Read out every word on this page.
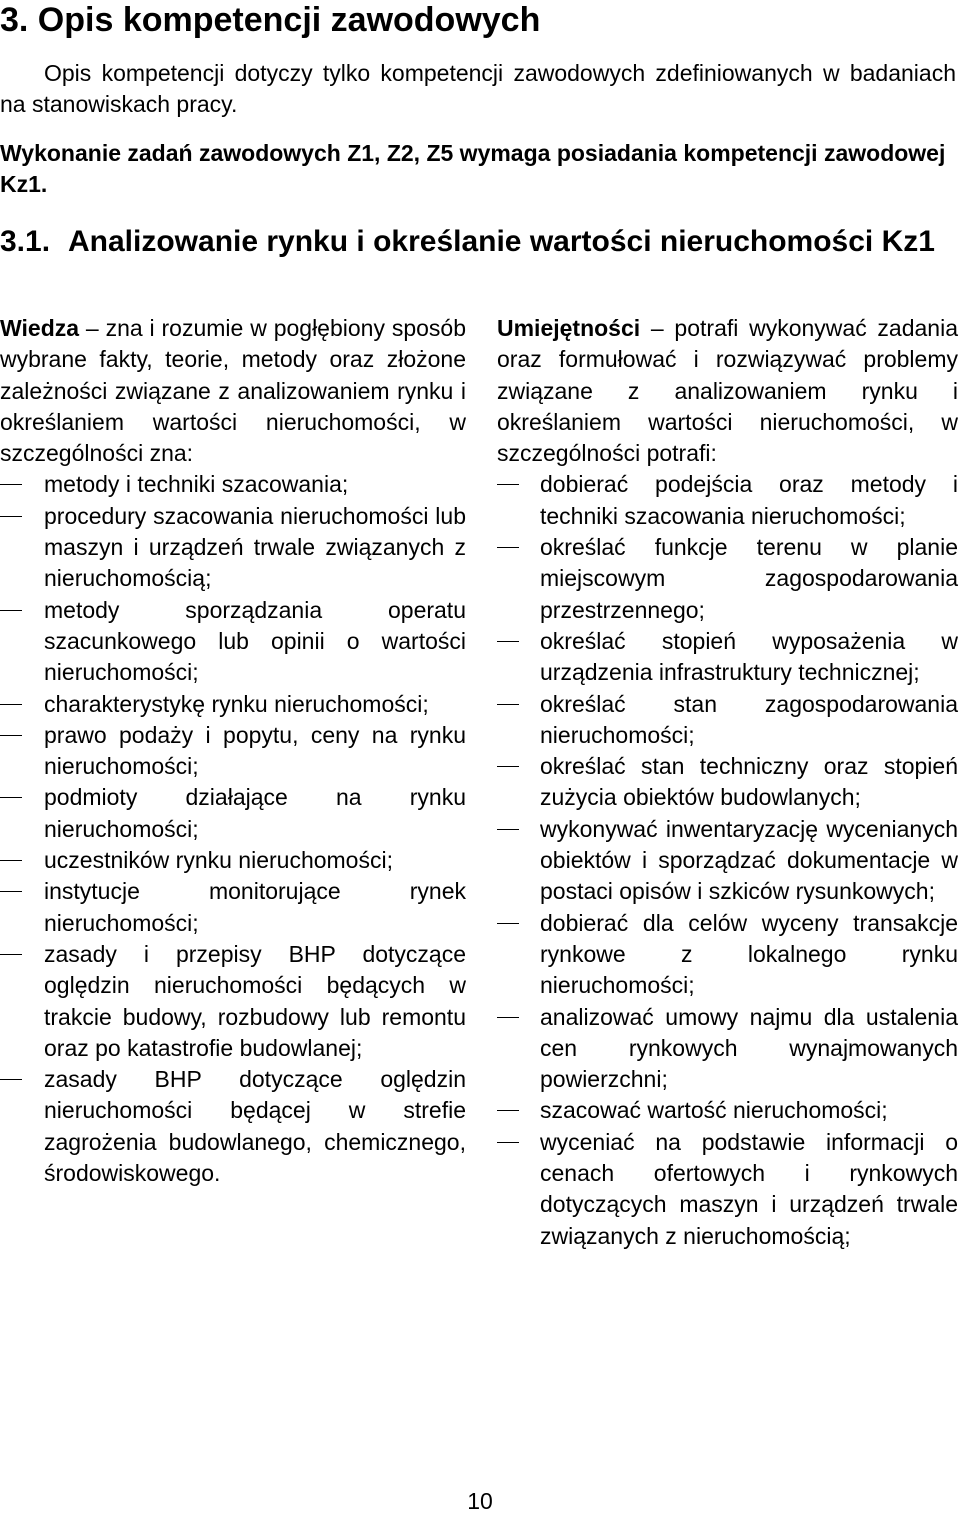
3. Opis kompetencji zawodowych

Opis kompetencji dotyczy tylko kompetencji zawodowych zdefiniowanych w badaniach na stanowiskach pracy.

Wykonanie zadań zawodowych Z1, Z2, Z5 wymaga posiadania kompetencji zawodowej Kz1.

3.1. Analizowanie rynku i określanie wartości nieruchomości Kz1

Wiedza – zna i rozumie w pogłębiony sposób wybrane fakty, teorie, metody oraz złożone zależności związane z analizowaniem rynku i określaniem wartości nieruchomości, w szczególności zna:

metody i techniki szacowania;
procedury szacowania nieruchomości lub maszyn i urządzeń trwale związanych z nieruchomością;
metody sporządzania operatu szacunkowego lub opinii o wartości nieruchomości;
charakterystykę rynku nieruchomości;
prawo podaży i popytu, ceny na rynku nieruchomości;
podmioty działające na rynku nieruchomości;
uczestników rynku nieruchomości;
instytucje monitorujące rynek nieruchomości;
zasady i przepisy BHP dotyczące oględzin nieruchomości będących w trakcie budowy, rozbudowy lub remontu oraz po katastrofie budowlanej;
zasady BHP dotyczące oględzin nieruchomości będącej w strefie zagrożenia budowlanego, chemicznego, środowiskowego.

Umiejętności – potrafi wykonywać zadania oraz formułować i rozwiązywać problemy związane z analizowaniem rynku i określaniem wartości nieruchomości, w szczególności potrafi:

dobierać podejścia oraz metody i techniki szacowania nieruchomości;
określać funkcje terenu w planie miejscowym zagospodarowania przestrzennego;
określać stopień wyposażenia w urządzenia infrastruktury technicznej;
określać stan zagospodarowania nieruchomości;
określać stan techniczny oraz stopień zużycia obiektów budowlanych;
wykonywać inwentaryzację wycenianych obiektów i sporządzać dokumentacje w postaci opisów i szkiców rysunkowych;
dobierać dla celów wyceny transakcje rynkowe z lokalnego rynku nieruchomości;
analizować umowy najmu dla ustalenia cen rynkowych wynajmowanych powierzchni;
szacować wartość nieruchomości;
wyceniać na podstawie informacji o cenach ofertowych i rynkowych dotyczących maszyn i urządzeń trwale związanych z nieruchomością;
10
